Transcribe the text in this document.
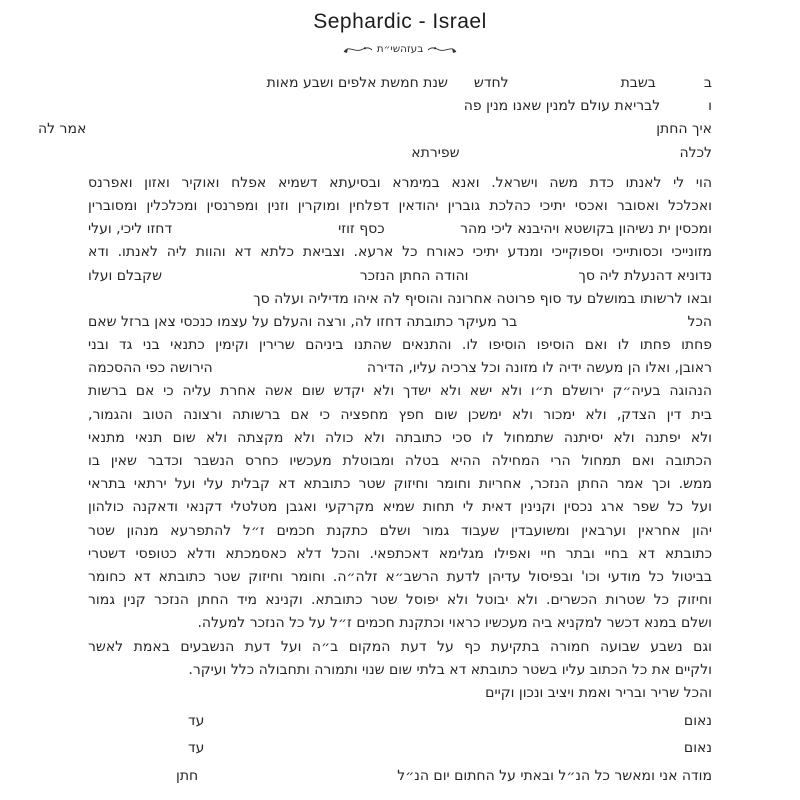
Sephardic - Israel
בעזהשי״ת
ב
בשבת
לחדש
שנת חמשת אלפים ושבע מאות
ו
לבריאת עולם למנין שאנו מנין פה
איך החתן
אמר לה
לכלה
שפירתא
הוי לי לאנתו כדת משה וישראל. ואנא במימרא ובסיעתא דשמיא אפלח ואוקיר ואזון ואפרנס
ואכלכל ואסובר ואכסי יתיכי כהלכת גוברין יהודאין דפלחין ומוקרין וזנין ומפרנסין ומכלכלין ומסוברין
ומכסין ית נשיהון בקושטא ויהיבנא ליכי מהר
כסף זוזי
דחזו ליכי, ועלי
מזונייכי וכסותייכי וספוקייכי ומנדע יתיכי כאורח כל ארעא. וצביאת כלתא דא והוות ליה לאנתו. ודא
נדוניא דהנעלת ליה סך
והודה החתן הנזכר
שקבלם ועלו
ובאו לרשותו במושלם עד סוף פרוטה אחרונה והוסיף לה איהו מדיליה ועלה סך
הכל
בר מעיקר כתובתה דחזו לה, ורצה והעלם על עצמו כנכסי צאן ברזל שאם
פחתו פחתו לו ואם הוסיפו הוסיפו לו. והתנאים שהתנו ביניהם שרירין וקימין כתנאי בני גד ובני
ראובן, ואלו הן מעשה ידיה לו מזונה וכל צרכיה עליו, הדירה
הירושה כפי ההסכמה
הנהוגה בעיה״ק ירושלם ת״ו ולא ישא ולא ישדך ולא יקדש שום אשה אחרת עליה כי אם ברשות
בית דין הצדק, ולא ימכור ולא ימשכן שום חפץ מחפציה כי אם ברשותה ורצונה הטוב והגמור,
ולא יפתנה ולא יסיתנה שתמחול לו סכי כתובתה ולא כולה ולא מקצתה ולא שום תנאי מתנאי
הכתובה ואם תמחול הרי המחילה ההיא בטלה ומבוטלת מעכשיו כחרס הנשבר וכדבר שאין בו
ממש. וכך אמר החתן הנזכר, אחריות וחומר וחיזוק שטר כתובתא דא קבלית עלי ועל ירתאי בתראי
ועל כל שפר ארג נכסין וקנינין דאית לי תחות שמיא מקרקעי ואגבן מטלטלי דקנאי ודאקנה כולהון
יהון אחראין וערבאין ומשועבדין שעבוד גמור ושלם כתקנת חכמים ז״ל להתפרעא מנהון שטר
כתובתא דא בחיי ובתר חיי ואפילו מגלימא דאכתפאי. והכל דלא כאסמכתא ודלא כטופסי דשטרי
בביטול כל מודעי וכו' ובפיסול עדיהן לדעת הרשב״א זלה״ה. וחומר וחיזוק שטר כתובתא דא כחומר
וחיזוק כל שטרות הכשרים. ולא יבוטל ולא יפוסל שטר כתובתא. וקנינא מיד החתן הנזכר קנין גמור
ושלם במנא דכשר למקניא ביה מעכשיו כראוי וכתקנת חכמים ז״ל על כל הנזכר למעלה.
וגם נשבע שבועה חמורה בתקיעת כף על דעת המקום ב״ה ועל דעת הנשבעים באמת לאשר
ולקיים את כל הכתוב עליו בשטר כתובתא דא בלתי שום שנוי ותמורה ותחבולה כלל ועיקר.
והכל שריר ובריר ואמת ויציב ונכון וקיים
נאום
עד
נאום
עד
מודה אני ומאשר כל הנ״ל ובאתי על החתום יום הנ״ל
חתן
